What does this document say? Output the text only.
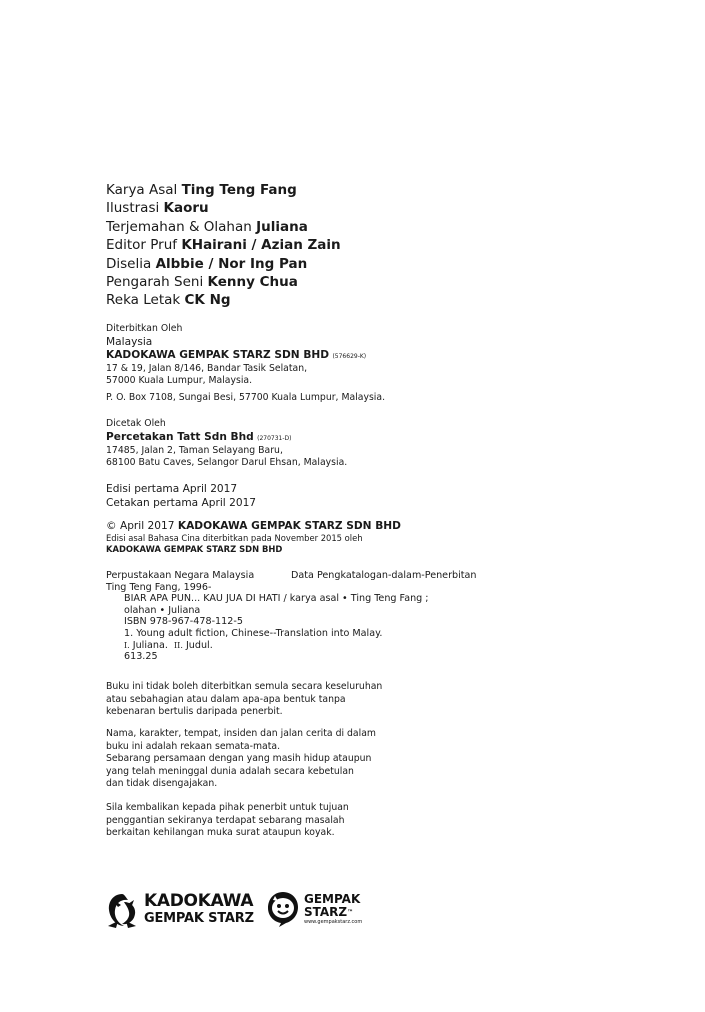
Karya Asal Ting Teng Fang
Ilustrasi Kaoru
Terjemahan & Olahan Juliana
Editor Pruf KHairani / Azian Zain
Diselia Albbie / Nor Ing Pan
Pengarah Seni Kenny Chua
Reka Letak CK Ng
Diterbitkan Oleh
Malaysia
KADOKAWA GEMPAK STARZ SDN BHD (576629-K)
17 & 19, Jalan 8/146, Bandar Tasik Selatan,
57000 Kuala Lumpur, Malaysia.
P. O. Box 7108, Sungai Besi, 57700 Kuala Lumpur, Malaysia.
Dicetak Oleh
Percetakan Tatt Sdn Bhd (270731-D)
17485, Jalan 2, Taman Selayang Baru,
68100 Batu Caves, Selangor Darul Ehsan, Malaysia.
Edisi pertama April 2017
Cetakan pertama April 2017
© April 2017 KADOKAWA GEMPAK STARZ SDN BHD
Edisi asal Bahasa Cina diterbitkan pada November 2015 oleh
KADOKAWA GEMPAK STARZ SDN BHD
Perpustakaan Negara Malaysia	Data Pengkatalogan-dalam-Penerbitan
Ting Teng Fang, 1996-
BIAR APA PUN... KAU JUA DI HATI / karya asal • Ting Teng Fang ;
olahan • Juliana
ISBN 978-967-478-112-5
1. Young adult fiction, Chinese--Translation into Malay.
I. Juliana. II. Judul.
613.25
Buku ini tidak boleh diterbitkan semula secara keseluruhan
atau sebahagian atau dalam apa-apa bentuk tanpa
kebenaran bertulis daripada penerbit.
Nama, karakter, tempat, insiden dan jalan cerita di dalam
buku ini adalah rekaan semata-mata.
Sebarang persamaan dengan yang masih hidup ataupun
yang telah meninggal dunia adalah secara kebetulan
dan tidak disengajakan.
Sila kembalikan kepada pihak penerbit untuk tujuan
penggantian sekiranya terdapat sebarang masalah
berkaitan kehilangan muka surat ataupun koyak.
KADOKAWA
GEMPAK STARZ
GEMPAK
STARZ™
www.gempakstarz.com
